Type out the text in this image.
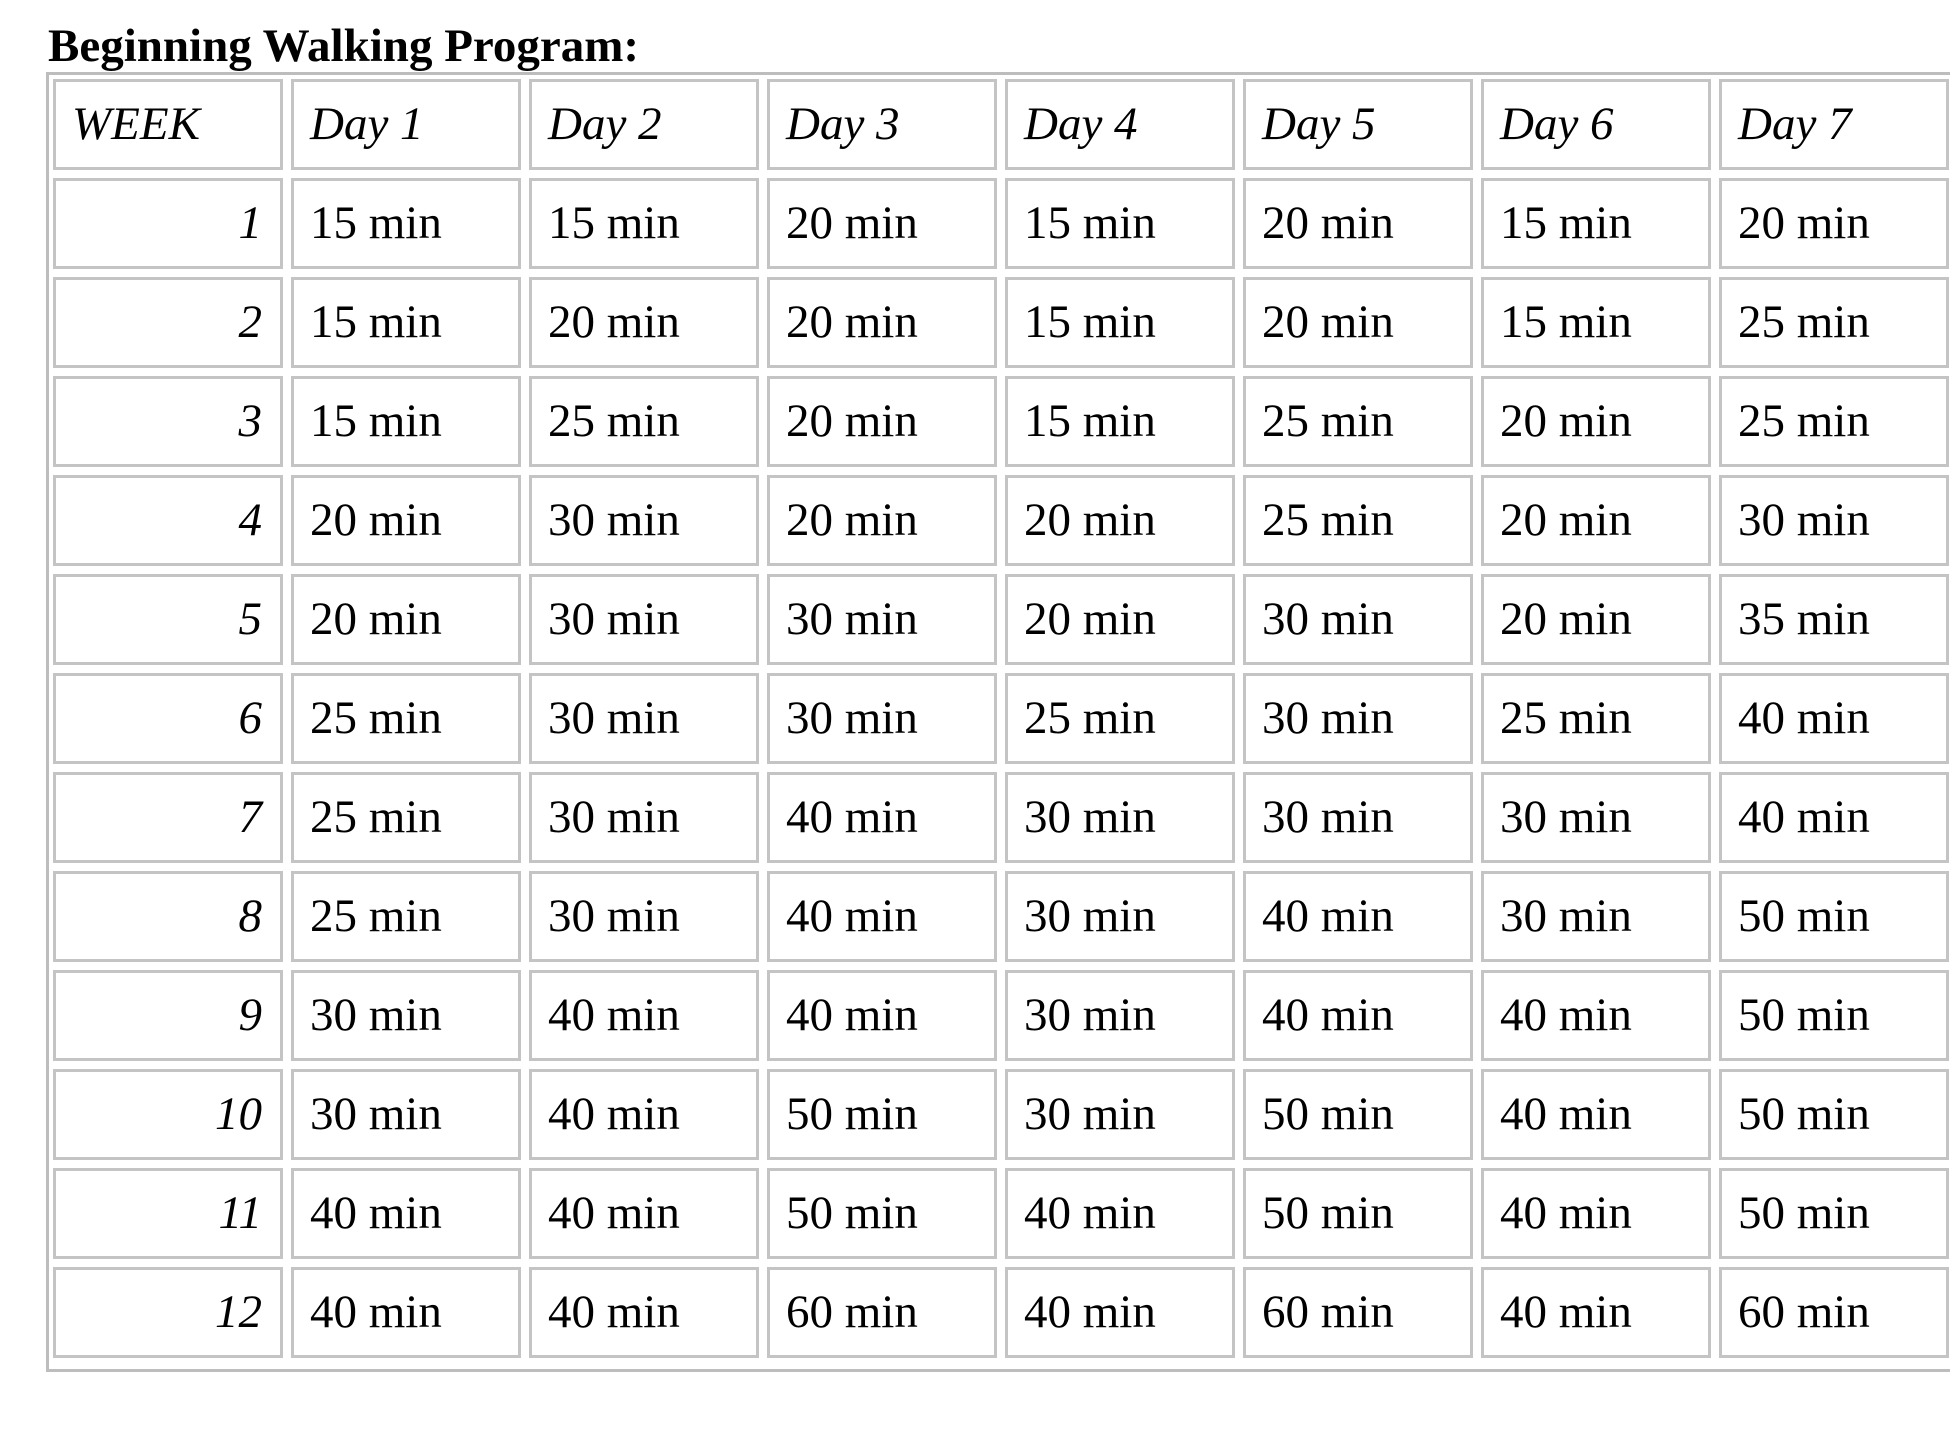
Beginning Walking Program:
WEEK	Day 1	Day 2	Day 3	Day 4	Day 5	Day 6	Day 7
1	15 min	15 min	20 min	15 min	20 min	15 min	20 min
2	15 min	20 min	20 min	15 min	20 min	15 min	25 min
3	15 min	25 min	20 min	15 min	25 min	20 min	25 min
4	20 min	30 min	20 min	20 min	25 min	20 min	30 min
5	20 min	30 min	30 min	20 min	30 min	20 min	35 min
6	25 min	30 min	30 min	25 min	30 min	25 min	40 min
7	25 min	30 min	40 min	30 min	30 min	30 min	40 min
8	25 min	30 min	40 min	30 min	40 min	30 min	50 min
9	30 min	40 min	40 min	30 min	40 min	40 min	50 min
10	30 min	40 min	50 min	30 min	50 min	40 min	50 min
11	40 min	40 min	50 min	40 min	50 min	40 min	50 min
12	40 min	40 min	60 min	40 min	60 min	40 min	60 min
